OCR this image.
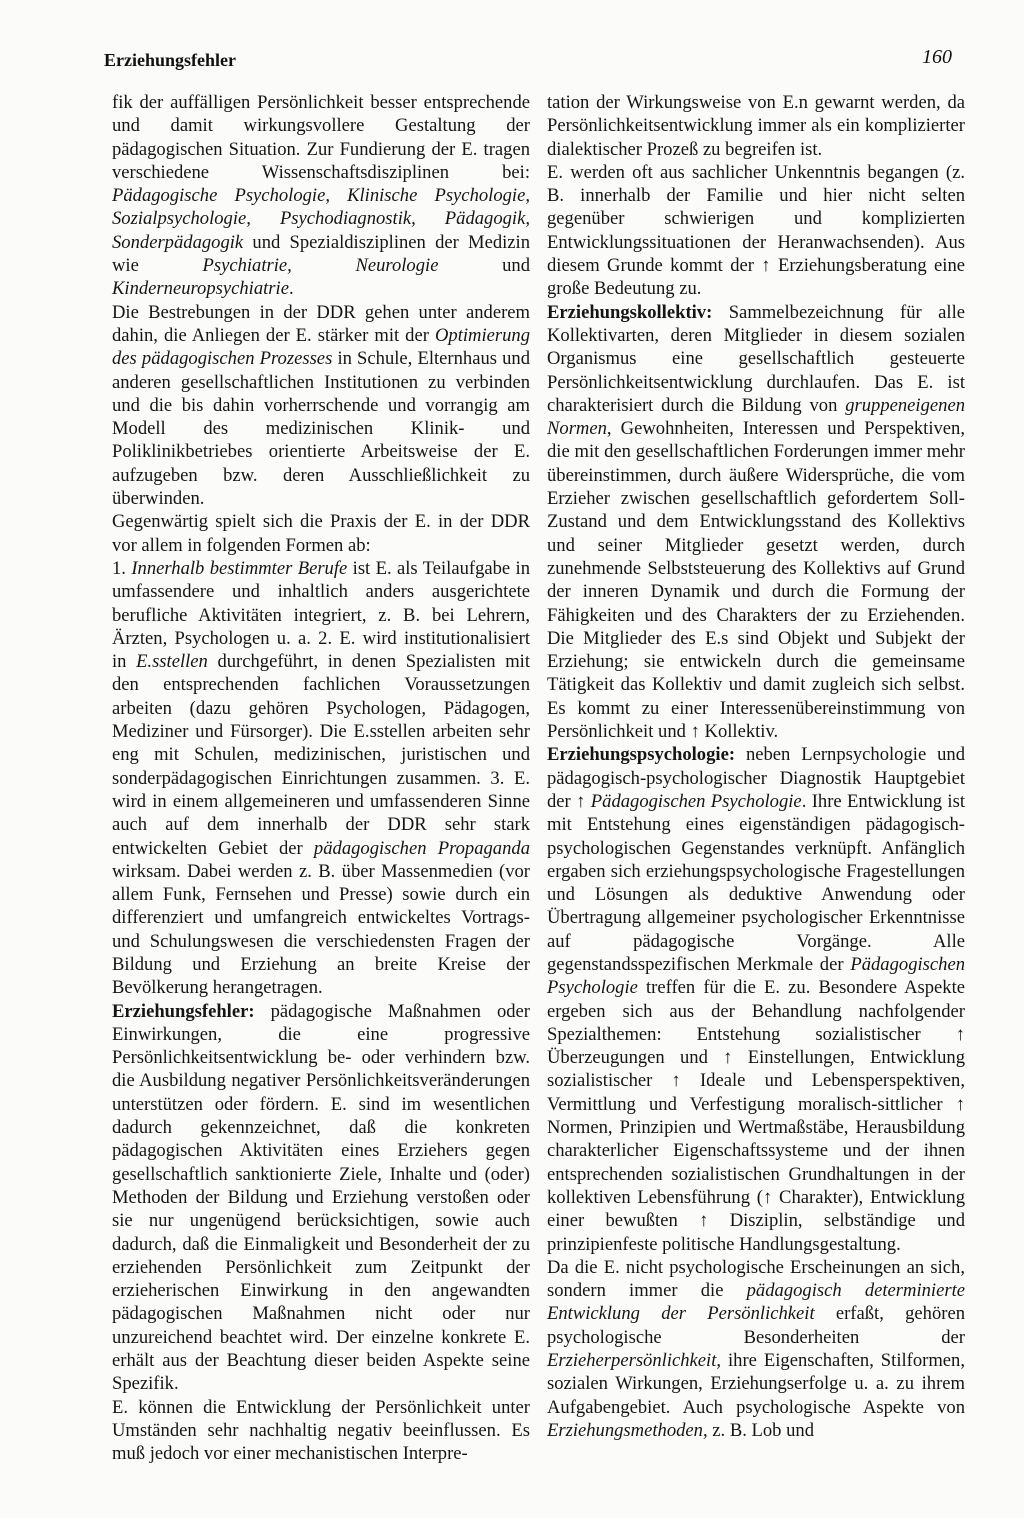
Erziehungsfehler	160

fik der auffälligen Persönlichkeit besser entsprechende und damit wirkungsvollere Gestaltung der pädagogischen Situation. Zur Fundierung der E. tragen verschiedene Wissenschaftsdisziplinen bei: Pädagogische Psychologie, Klinische Psychologie, Sozialpsychologie, Psychodiagnostik, Pädagogik, Sonderpädagogik und Spezialdisziplinen der Medizin wie Psychiatrie, Neurologie und Kinderneuropsychiatrie.

Die Bestrebungen in der DDR gehen unter anderem dahin, die Anliegen der E. stärker mit der Optimierung des pädagogischen Prozesses in Schule, Elternhaus und anderen gesellschaftlichen Institutionen zu verbinden und die bis dahin vorherrschende und vorrangig am Modell des medizinischen Klinik- und Poliklinikbetriebes orientierte Arbeitsweise der E. aufzugeben bzw. deren Ausschließlichkeit zu überwinden.

Gegenwärtig spielt sich die Praxis der E. in der DDR vor allem in folgenden Formen ab:

1. Innerhalb bestimmter Berufe ist E. als Teilaufgabe in umfassendere und inhaltlich anders ausgerichtete berufliche Aktivitäten integriert, z. B. bei Lehrern, Ärzten, Psychologen u. a. 2. E. wird institutionalisiert in E.sstellen durchgeführt, in denen Spezialisten mit den entsprechenden fachlichen Voraussetzungen arbeiten (dazu gehören Psychologen, Pädagogen, Mediziner und Fürsorger). Die E.sstellen arbeiten sehr eng mit Schulen, medizinischen, juristischen und sonderpädagogischen Einrichtungen zusammen. 3. E. wird in einem allgemeineren und umfassenderen Sinne auch auf dem innerhalb der DDR sehr stark entwickelten Gebiet der pädagogischen Propaganda wirksam. Dabei werden z. B. über Massenmedien (vor allem Funk, Fernsehen und Presse) sowie durch ein differenziert und umfangreich entwickeltes Vortrags- und Schulungswesen die verschiedensten Fragen der Bildung und Erziehung an breite Kreise der Bevölkerung herangetragen.

Erziehungsfehler: pädagogische Maßnahmen oder Einwirkungen, die eine progressive Persönlichkeitsentwicklung be- oder verhindern bzw. die Ausbildung negativer Persönlichkeitsveränderungen unterstützen oder fördern. E. sind im wesentlichen dadurch gekennzeichnet, daß die konkreten pädagogischen Aktivitäten eines Erziehers gegen gesellschaftlich sanktionierte Ziele, Inhalte und (oder) Methoden der Bildung und Erziehung verstoßen oder sie nur ungenügend berücksichtigen, sowie auch dadurch, daß die Einmaligkeit und Besonderheit der zu erziehenden Persönlichkeit zum Zeitpunkt der erzieherischen Einwirkung in den angewandten pädagogischen Maßnahmen nicht oder nur unzureichend beachtet wird. Der einzelne konkrete E. erhält aus der Beachtung dieser beiden Aspekte seine Spezifik.

E. können die Entwicklung der Persönlichkeit unter Umständen sehr nachhaltig negativ beeinflussen. Es muß jedoch vor einer mechanistischen Interpre-

tation der Wirkungsweise von E.n gewarnt werden, da Persönlichkeitsentwicklung immer als ein komplizierter dialektischer Prozeß zu begreifen ist.

E. werden oft aus sachlicher Unkenntnis begangen (z. B. innerhalb der Familie und hier nicht selten gegenüber schwierigen und komplizierten Entwicklungssituationen der Heranwachsenden). Aus diesem Grunde kommt der ↑ Erziehungsberatung eine große Bedeutung zu.

Erziehungskollektiv: Sammelbezeichnung für alle Kollektivarten, deren Mitglieder in diesem sozialen Organismus eine gesellschaftlich gesteuerte Persönlichkeitsentwicklung durchlaufen. Das E. ist charakterisiert durch die Bildung von gruppeneigenen Normen, Gewohnheiten, Interessen und Perspektiven, die mit den gesellschaftlichen Forderungen immer mehr übereinstimmen, durch äußere Widersprüche, die vom Erzieher zwischen gesellschaftlich gefordertem Soll-Zustand und dem Entwicklungsstand des Kollektivs und seiner Mitglieder gesetzt werden, durch zunehmende Selbststeuerung des Kollektivs auf Grund der inneren Dynamik und durch die Formung der Fähigkeiten und des Charakters der zu Erziehenden. Die Mitglieder des E.s sind Objekt und Subjekt der Erziehung; sie entwickeln durch die gemeinsame Tätigkeit das Kollektiv und damit zugleich sich selbst. Es kommt zu einer Interessenübereinstimmung von Persönlichkeit und ↑ Kollektiv.

Erziehungspsychologie: neben Lernpsychologie und pädagogisch-psychologischer Diagnostik Hauptgebiet der ↑ Pädagogischen Psychologie. Ihre Entwicklung ist mit Entstehung eines eigenständigen pädagogisch-psychologischen Gegenstandes verknüpft. Anfänglich ergaben sich erziehungspsychologische Fragestellungen und Lösungen als deduktive Anwendung oder Übertragung allgemeiner psychologischer Erkenntnisse auf pädagogische Vorgänge. Alle gegenstandsspezifischen Merkmale der Pädagogischen Psychologie treffen für die E. zu. Besondere Aspekte ergeben sich aus der Behandlung nachfolgender Spezialthemen: Entstehung sozialistischer ↑ Überzeugungen und ↑ Einstellungen, Entwicklung sozialistischer ↑ Ideale und Lebensperspektiven, Vermittlung und Verfestigung moralisch-sittlicher ↑ Normen, Prinzipien und Wertmaßstäbe, Herausbildung charakterlicher Eigenschaftssysteme und der ihnen entsprechenden sozialistischen Grundhaltungen in der kollektiven Lebensführung (↑ Charakter), Entwicklung einer bewußten ↑ Disziplin, selbständige und prinzipienfeste politische Handlungsgestaltung.

Da die E. nicht psychologische Erscheinungen an sich, sondern immer die pädagogisch determinierte Entwicklung der Persönlichkeit erfaßt, gehören psychologische Besonderheiten der Erzieherpersönlichkeit, ihre Eigenschaften, Stilformen, sozialen Wirkungen, Erziehungserfolge u. a. zu ihrem Aufgabengebiet. Auch psychologische Aspekte von Erziehungsmethoden, z. B. Lob und
